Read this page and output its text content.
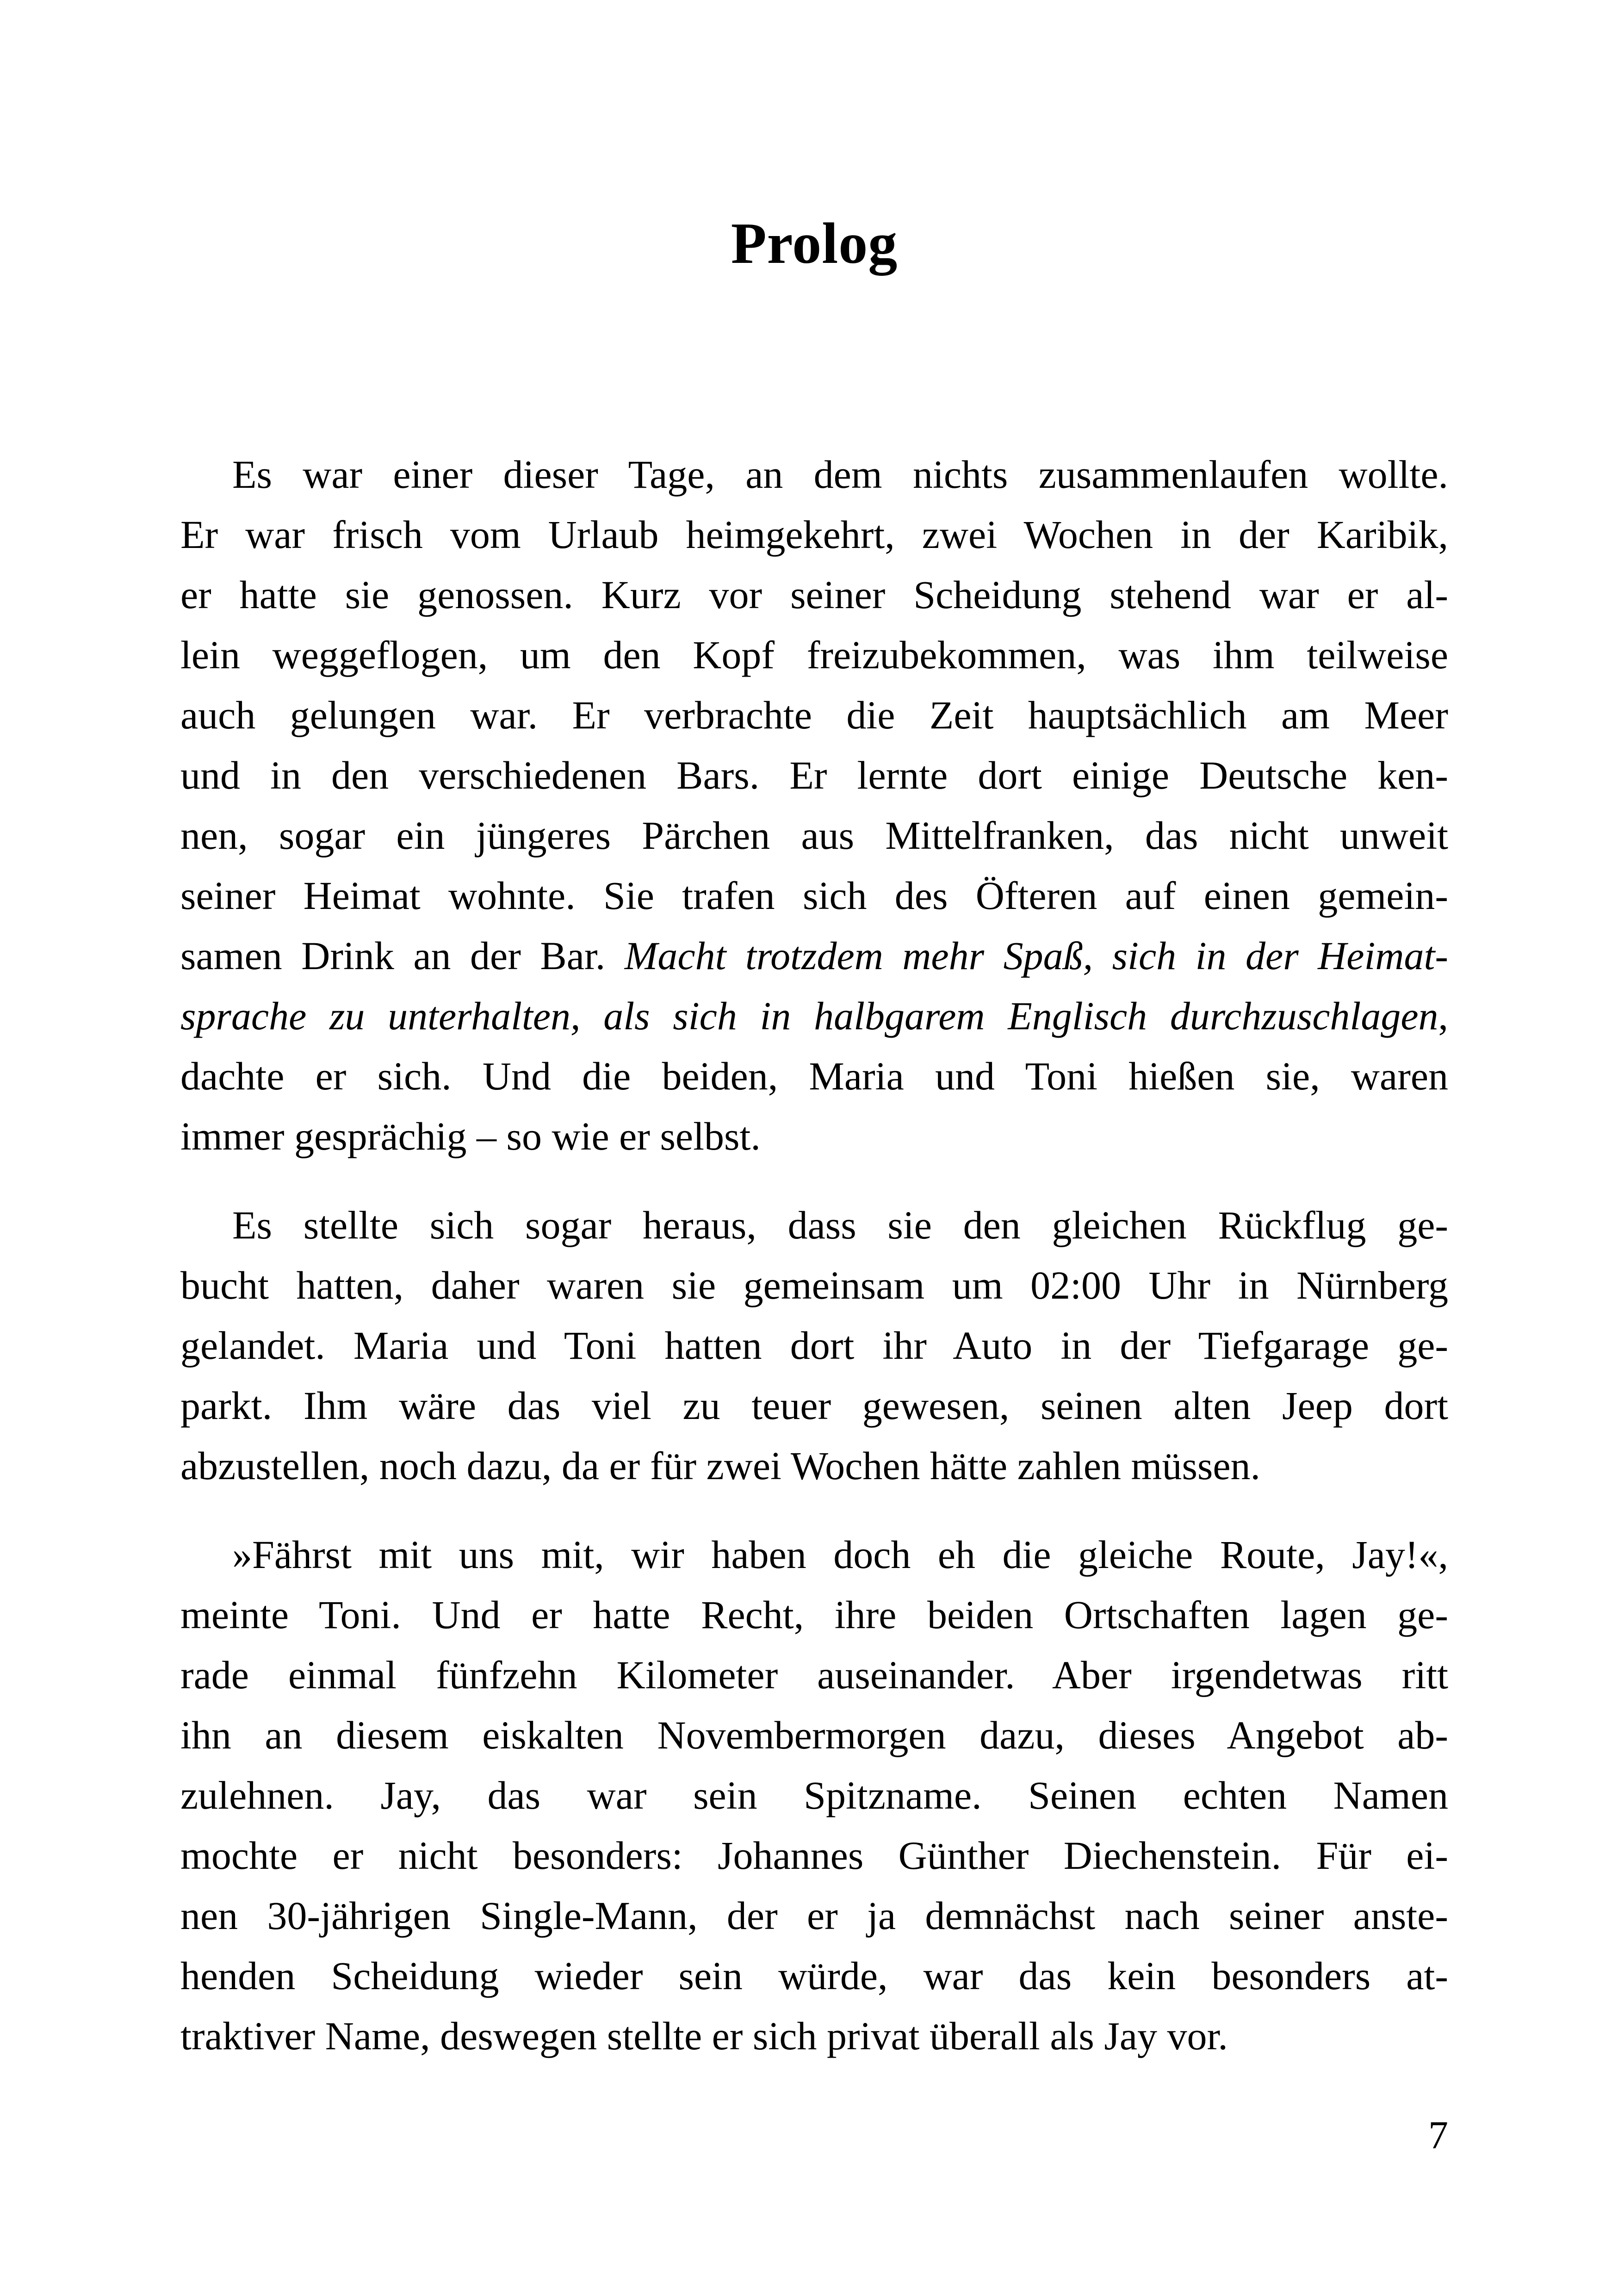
Prolog
Es war einer dieser Tage, an dem nichts zusammenlaufen wollte.
Er war frisch vom Urlaub heimgekehrt, zwei Wochen in der Karibik,
er hatte sie genossen. Kurz vor seiner Scheidung stehend war er al-
lein weggeflogen, um den Kopf freizubekommen, was ihm teilweise
auch gelungen war. Er verbrachte die Zeit hauptsächlich am Meer
und in den verschiedenen Bars. Er lernte dort einige Deutsche ken-
nen, sogar ein jüngeres Pärchen aus Mittelfranken, das nicht unweit
seiner Heimat wohnte. Sie trafen sich des Öfteren auf einen gemein-
samen Drink an der Bar. Macht trotzdem mehr Spaß, sich in der Heimat-
sprache zu unterhalten, als sich in halbgarem Englisch durchzuschlagen,
dachte er sich. Und die beiden, Maria und Toni hießen sie, waren
immer gesprächig – so wie er selbst.
Es stellte sich sogar heraus, dass sie den gleichen Rückflug ge-
bucht hatten, daher waren sie gemeinsam um 02:00 Uhr in Nürnberg
gelandet. Maria und Toni hatten dort ihr Auto in der Tiefgarage ge-
parkt. Ihm wäre das viel zu teuer gewesen, seinen alten Jeep dort
abzustellen, noch dazu, da er für zwei Wochen hätte zahlen müssen.
»Fährst mit uns mit, wir haben doch eh die gleiche Route, Jay!«,
meinte Toni. Und er hatte Recht, ihre beiden Ortschaften lagen ge-
rade einmal fünfzehn Kilometer auseinander. Aber irgendetwas ritt
ihn an diesem eiskalten Novembermorgen dazu, dieses Angebot ab-
zulehnen. Jay, das war sein Spitzname. Seinen echten Namen
mochte er nicht besonders: Johannes Günther Diechenstein. Für ei-
nen 30-jährigen Single-Mann, der er ja demnächst nach seiner anste-
henden Scheidung wieder sein würde, war das kein besonders at-
traktiver Name, deswegen stellte er sich privat überall als Jay vor.
7
